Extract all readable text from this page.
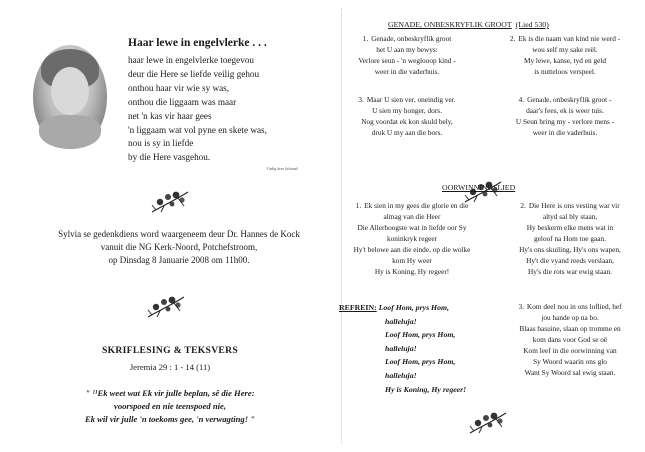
Haar lewe in engelvlerke . . .
haar lewe in engelvlerke toegevou
deur die Here se liefde veilig gehou
onthou haar vir wie sy was,
onthou die liggaam was maar
net 'n kas vir haar gees
'n liggaam wat vol pyne en skete was,
nou is sy in liefde
by die Here vasgehou.
Gedig deur Sybrand
Sylvia se gedenkdiens word waargeneem deur Dr. Hannes de Kock
vanuit die NG Kerk-Noord, Potchefstroom,
op Dinsdag 8 Januarie 2008 om 11h00.
SKRIFLESING & TEKSVERS
Jeremia 29 : 1 - 14 (11)
" ¹¹Ek weet wat Ek vir julle beplan, sê die Here:
voorspoed en nie teenspoed nie,
Ek wil vir julle 'n toekoms gee, 'n verwagting! "
GENADE, ONBESKRYFLIK GROOT (Lied 530)
1. Genade, onbeskryflik groot
het U aan my bewys:
Verlore seun - 'n weglooop kind -
weer in die vaderhuis.
2. Ek is die naam van kind nie werd -
wou self my sake reël.
My lewe, kanse, tyd en geld
is nutteloos verspeel.
3. Maar U sien ver, oneindig ver.
U sien my honger, dors.
Nog voordat ek kon skuld bely,
druk U my aan die bors.
4. Genade, onbeskryflik groot -
daar's fees, ek is weer tuis.
U Seun bring my - verlore mens -
weer in die vaderhuis.
OORWINNINGSLIED
1. Ek sien in my gees die glorie en die
almag van die Heer
Die Allerhoogste wat in liefde oor Sy
koninkryk regeer
Hy't belowe aan die einde, op die wolke
kom Hy weer
Hy is Koning, Hy regeer!
2. Die Here is ons vesting war vir
altyd sal bly staan,
Hy beskerm elke mens wat in
geloof na Hom toe gaan.
Hy's ons skuiling, Hy's ons wapen,
Hy't die vyand reeds verslaan,
Hy's die rots war ewig staan.
REFREIN: Loof Hom, prys Hom,
halleluja!
Loof Hom, prys Hom,
halleluja!
Loof Hom, prys Hom,
halleluja!
Hy is Koning, Hy regeer!
3. Kom deel nou in ons loflied, hef
jou hande op na bo.
Blaas basuine, slaan op tromme en
kom dans voor God se oë
Kom leef in die oorwinning van
Sy Woord waarin ons glo
Want Sy Woord sal ewig staan.
